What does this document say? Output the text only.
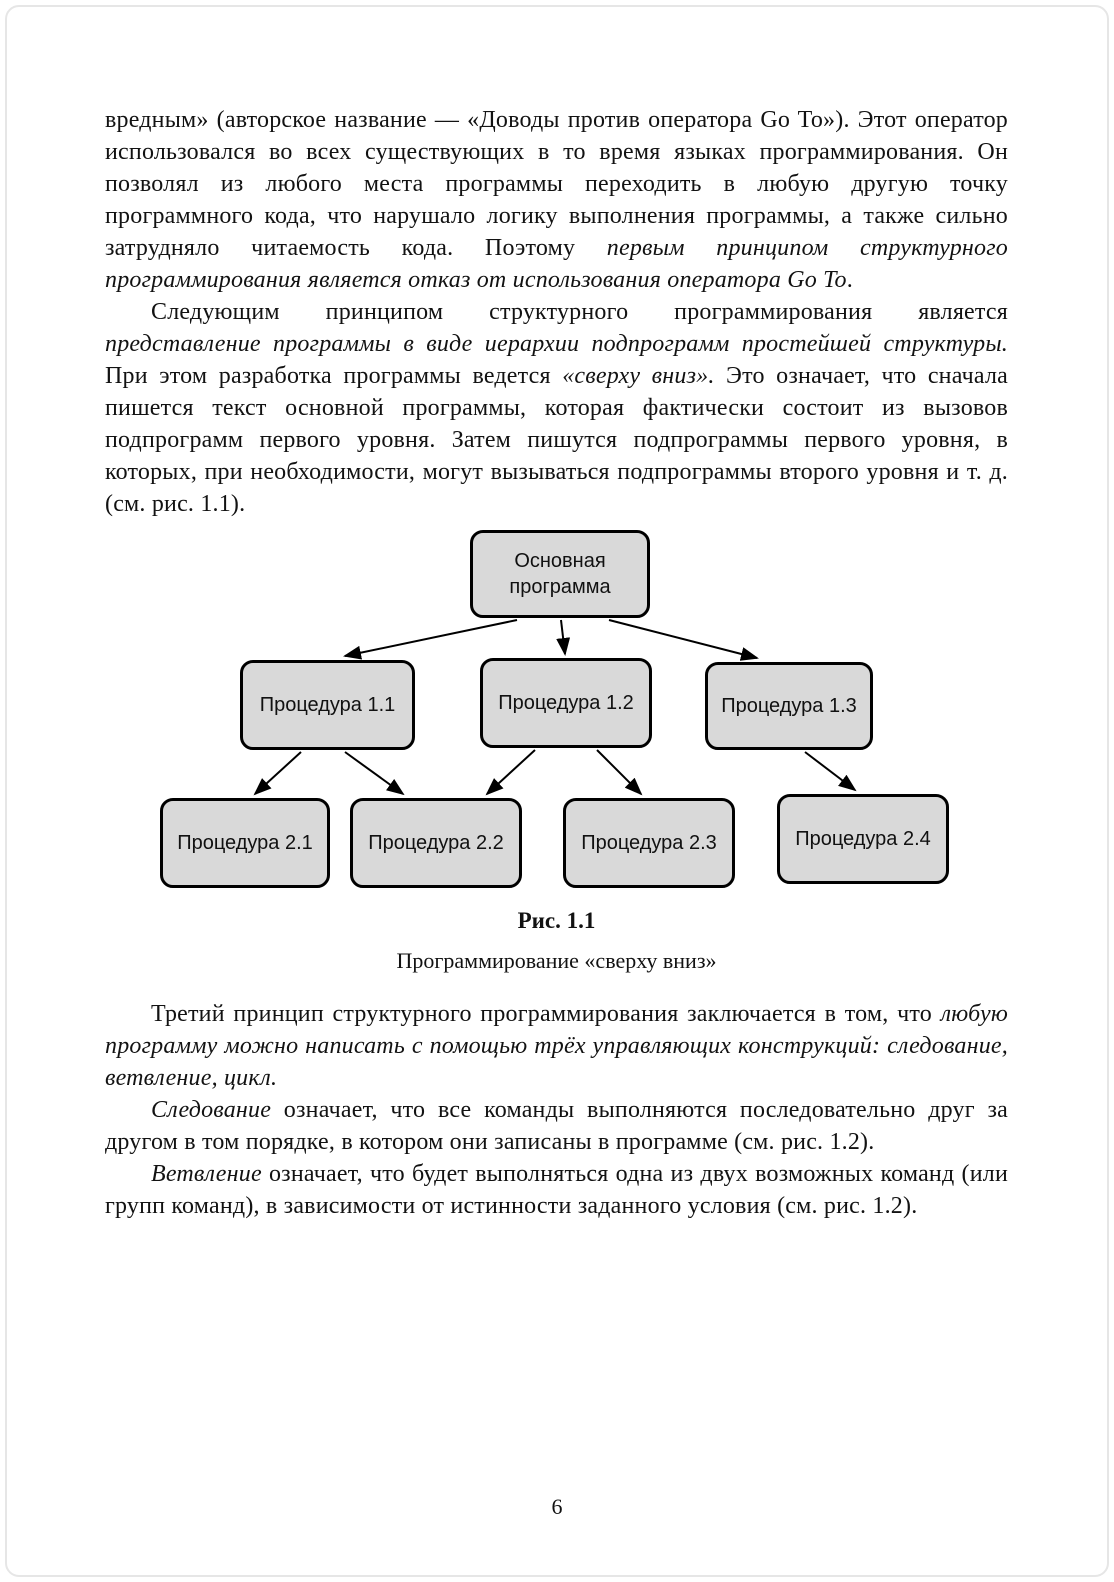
вредным» (авторское название — «Доводы против оператора Go To»). Этот оператор использовался во всех существующих в то время языках программирования. Он позволял из любого места программы переходить в любую другую точку программного кода, что нарушало логику выполнения программы, а также сильно затрудняло читаемость кода. Поэтому первым принципом структурного программирования является отказ от использования оператора Go To.

Следующим принципом структурного программирования является представление программы в виде иерархии подпрограмм простейшей структуры. При этом разработка программы ведется «сверху вниз». Это означает, что сначала пишется текст основной программы, которая фактически состоит из вызовов подпрограмм первого уровня. Затем пишутся подпрограммы первого уровня, в которых, при необходимости, могут вызываться подпрограммы второго уровня и т. д. (см. рис. 1.1).

Основная программа
Процедура 1.1	Процедура 1.2	Процедура 1.3
Процедура 2.1	Процедура 2.2	Процедура 2.3	Процедура 2.4
Рис. 1.1
Программирование «сверху вниз»

Третий принцип структурного программирования заключается в том, что любую программу можно написать с помощью трёх управляющих конструкций: следование, ветвление, цикл.

Следование означает, что все команды выполняются последовательно друг за другом в том порядке, в котором они записаны в программе (см. рис. 1.2).

Ветвление означает, что будет выполняться одна из двух возможных команд (или групп команд), в зависимости от истинности заданного условия (см. рис. 1.2).

6
